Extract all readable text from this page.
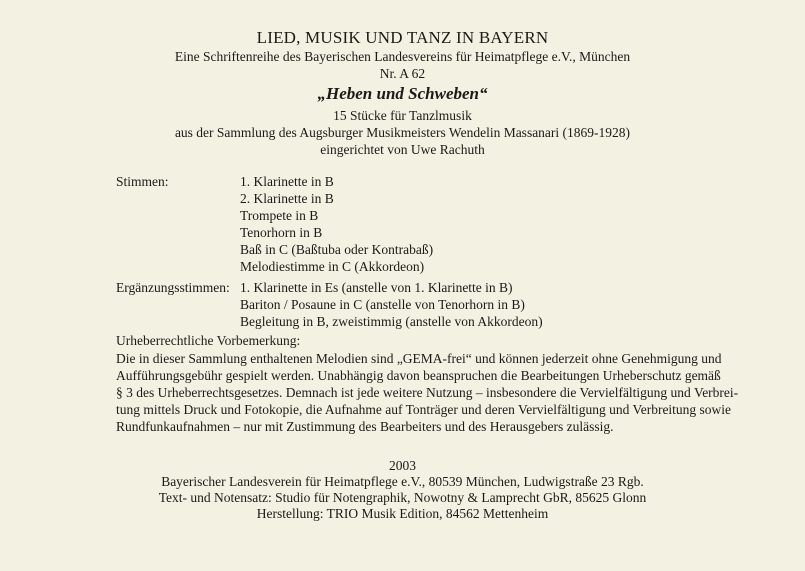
LIED, MUSIK UND TANZ IN BAYERN
Eine Schriftenreihe des Bayerischen Landesvereins für Heimatpflege e.V., München
Nr. A 62
„Heben und Schweben“
15 Stücke für Tanzlmusik
aus der Sammlung des Augsburger Musikmeisters Wendelin Massanari (1869-1928)
eingerichtet von Uwe Rachuth
Stimmen:	1. Klarinette in B
2. Klarinette in B
Trompete in B
Tenorhorn in B
Baß in C (Baßtuba oder Kontrabaß)
Melodiestimme in C (Akkordeon)
Ergänzungsstimmen: 1. Klarinette in Es (anstelle von 1. Klarinette in B)
Bariton / Posaune in C (anstelle von Tenorhorn in B)
Begleitung in B, zweistimmig (anstelle von Akkordeon)
Urheberrechtliche Vorbemerkung:
Die in dieser Sammlung enthaltenen Melodien sind „GEMA-frei“ und können jederzeit ohne Genehmigung und
Aufführungsgebühr gespielt werden. Unabhängig davon beanspruchen die Bearbeitungen Urheberschutz gemäß
§ 3 des Urheberrechtsgesetzes. Demnach ist jede weitere Nutzung – insbesondere die Vervielfältigung und Verbrei-
tung mittels Druck und Fotokopie, die Aufnahme auf Tonträger und deren Vervielfältigung und Verbreitung sowie
Rundfunkaufnahmen – nur mit Zustimmung des Bearbeiters und des Herausgebers zulässig.
2003
Bayerischer Landesverein für Heimatpflege e.V., 80539 München, Ludwigstraße 23 Rgb.
Text- und Notensatz: Studio für Notengraphik, Nowotny & Lamprecht GbR, 85625 Glonn
Herstellung: TRIO Musik Edition, 84562 Mettenheim
